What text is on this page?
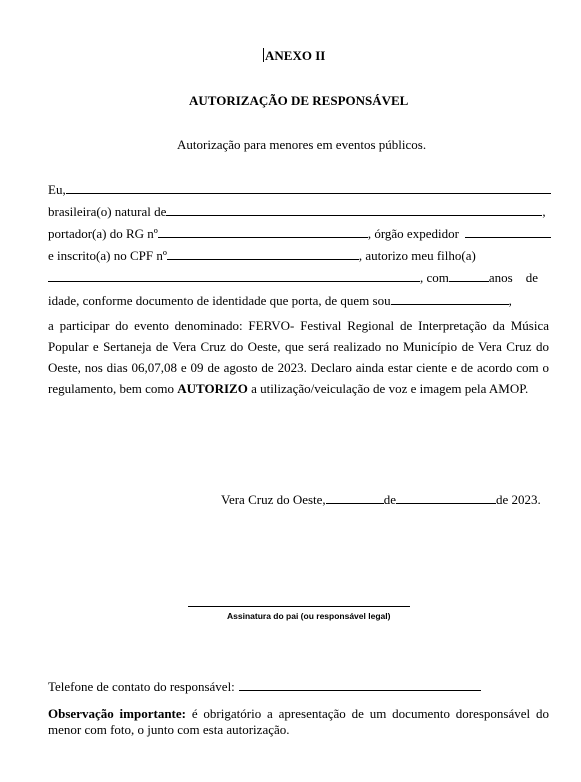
ANEXO II
AUTORIZAÇÃO DE RESPONSÁVEL
Autorização para menores em eventos públicos.
Eu,
brasileira(o) natural de	,
portador(a) do RG nº	, órgão expedidor
e inscrito(a) no CPF nº	, autorizo meu filho(a)
, com	anos    de
idade, conforme documento de identidade que porta, de quem sou	,
a participar do evento denominado: FERVO- Festival Regional de Interpretação da Música Popular e Sertaneja de Vera Cruz do Oeste, que será realizado no Município de Vera Cruz do Oeste, nos dias 06,07,08 e 09 de agosto de 2023. Declaro ainda estar ciente e de acordo com o regulamento, bem como AUTORIZO a utilização/veiculação de voz e imagem pela AMOP.
Vera Cruz do Oeste,	de	de 2023.
Assinatura do pai (ou responsável legal)
Telefone de contato do responsável:
Observação importante: é obrigatório a apresentação de um documento doresponsável do menor com foto, o junto com esta autorização.
